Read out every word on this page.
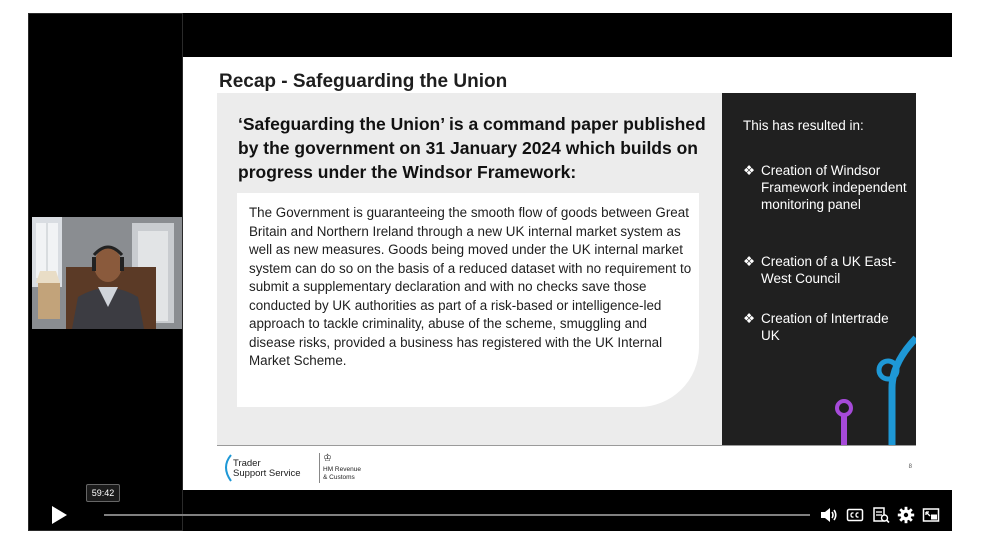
Recap - Safeguarding the Union
‘Safeguarding the Union’ is a command paper published by the government on 31 January 2024 which builds on progress under the Windsor Framework:
The Government is guaranteeing the smooth flow of goods between Great Britain and Northern Ireland through a new UK internal market system as well as new measures. Goods being moved under the UK internal market system can do so on the basis of a reduced dataset with no requirement to submit a supplementary declaration and with no checks save those conducted by UK authorities as part of a risk-based or intelligence-led approach to tackle criminality, abuse of the scheme, smuggling and disease risks, provided a business has registered with the UK Internal Market Scheme.
This has resulted in:
❖ Creation of Windsor Framework independent monitoring panel
❖ Creation of a UK East-West Council
❖ Creation of Intertrade UK
Trader
Support Service
♔
HM Revenue
& Customs
8
59:42
